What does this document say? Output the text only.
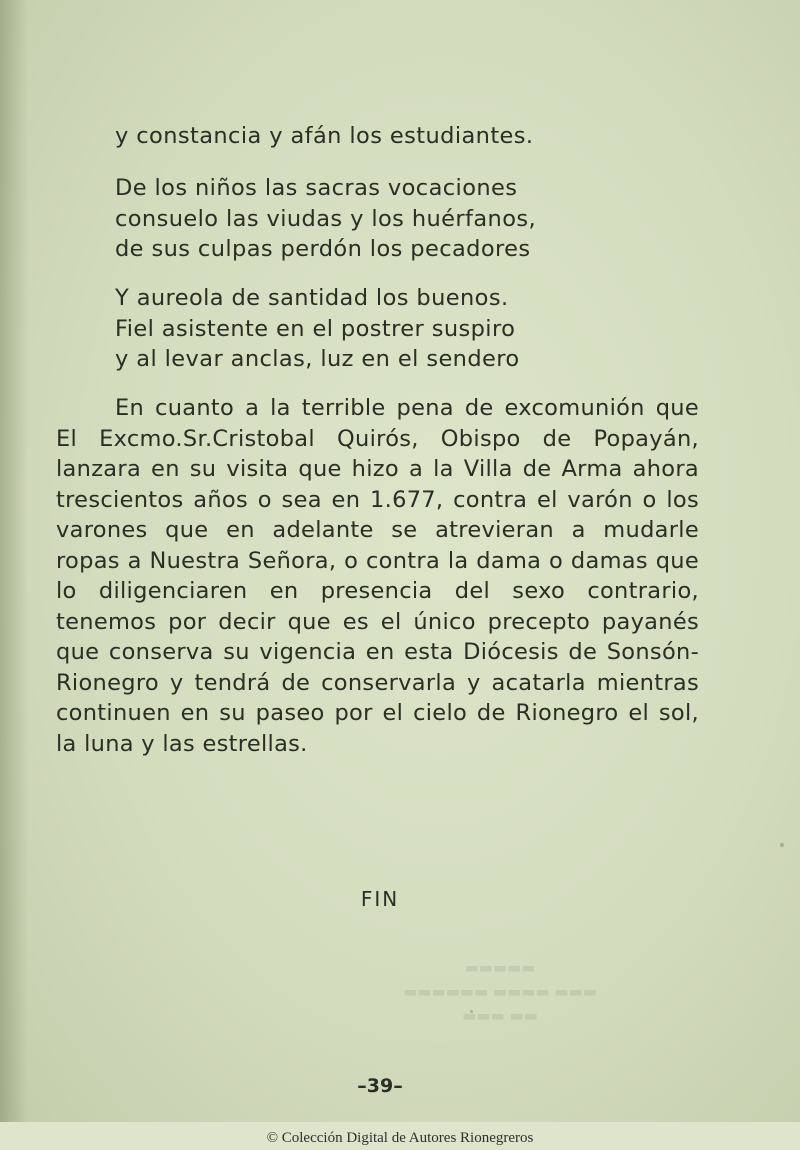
y constancia y afán los estudiantes.
De los niños las sacras vocaciones
consuelo las viudas y los huérfanos,
de sus culpas perdón los pecadores
Y aureola de santidad los buenos.
Fiel asistente en el postrer suspiro
y al levar anclas, luz en el sendero

En cuanto a la terrible pena de excomunión que El Excmo.Sr.Cristobal Quirós, Obispo de Popayán, lanzara en su visita que hizo a la Villa de Arma ahora trescientos años o sea en 1.677, contra el varón o los varones que en adelante se atrevieran a mudarle ropas a Nuestra Señora, o contra la dama o damas que lo diligenciaren en presencia del sexo contrario, tenemos por decir que es el único precepto payanés que conserva su vigencia en esta Diócesis de Sonsón-Rionegro y tendrá de conservarla y acatarla mientras continuen en su paseo por el cielo de Rionegro el sol, la luna y las estrellas.

FIN
▬▬▬ ▬▬
▬▬▬▬▬▬ ▬▬▬▬ ▬▬▬
▬▬▬▬▬
–39–
© Colección Digital de Autores Rionegreros
